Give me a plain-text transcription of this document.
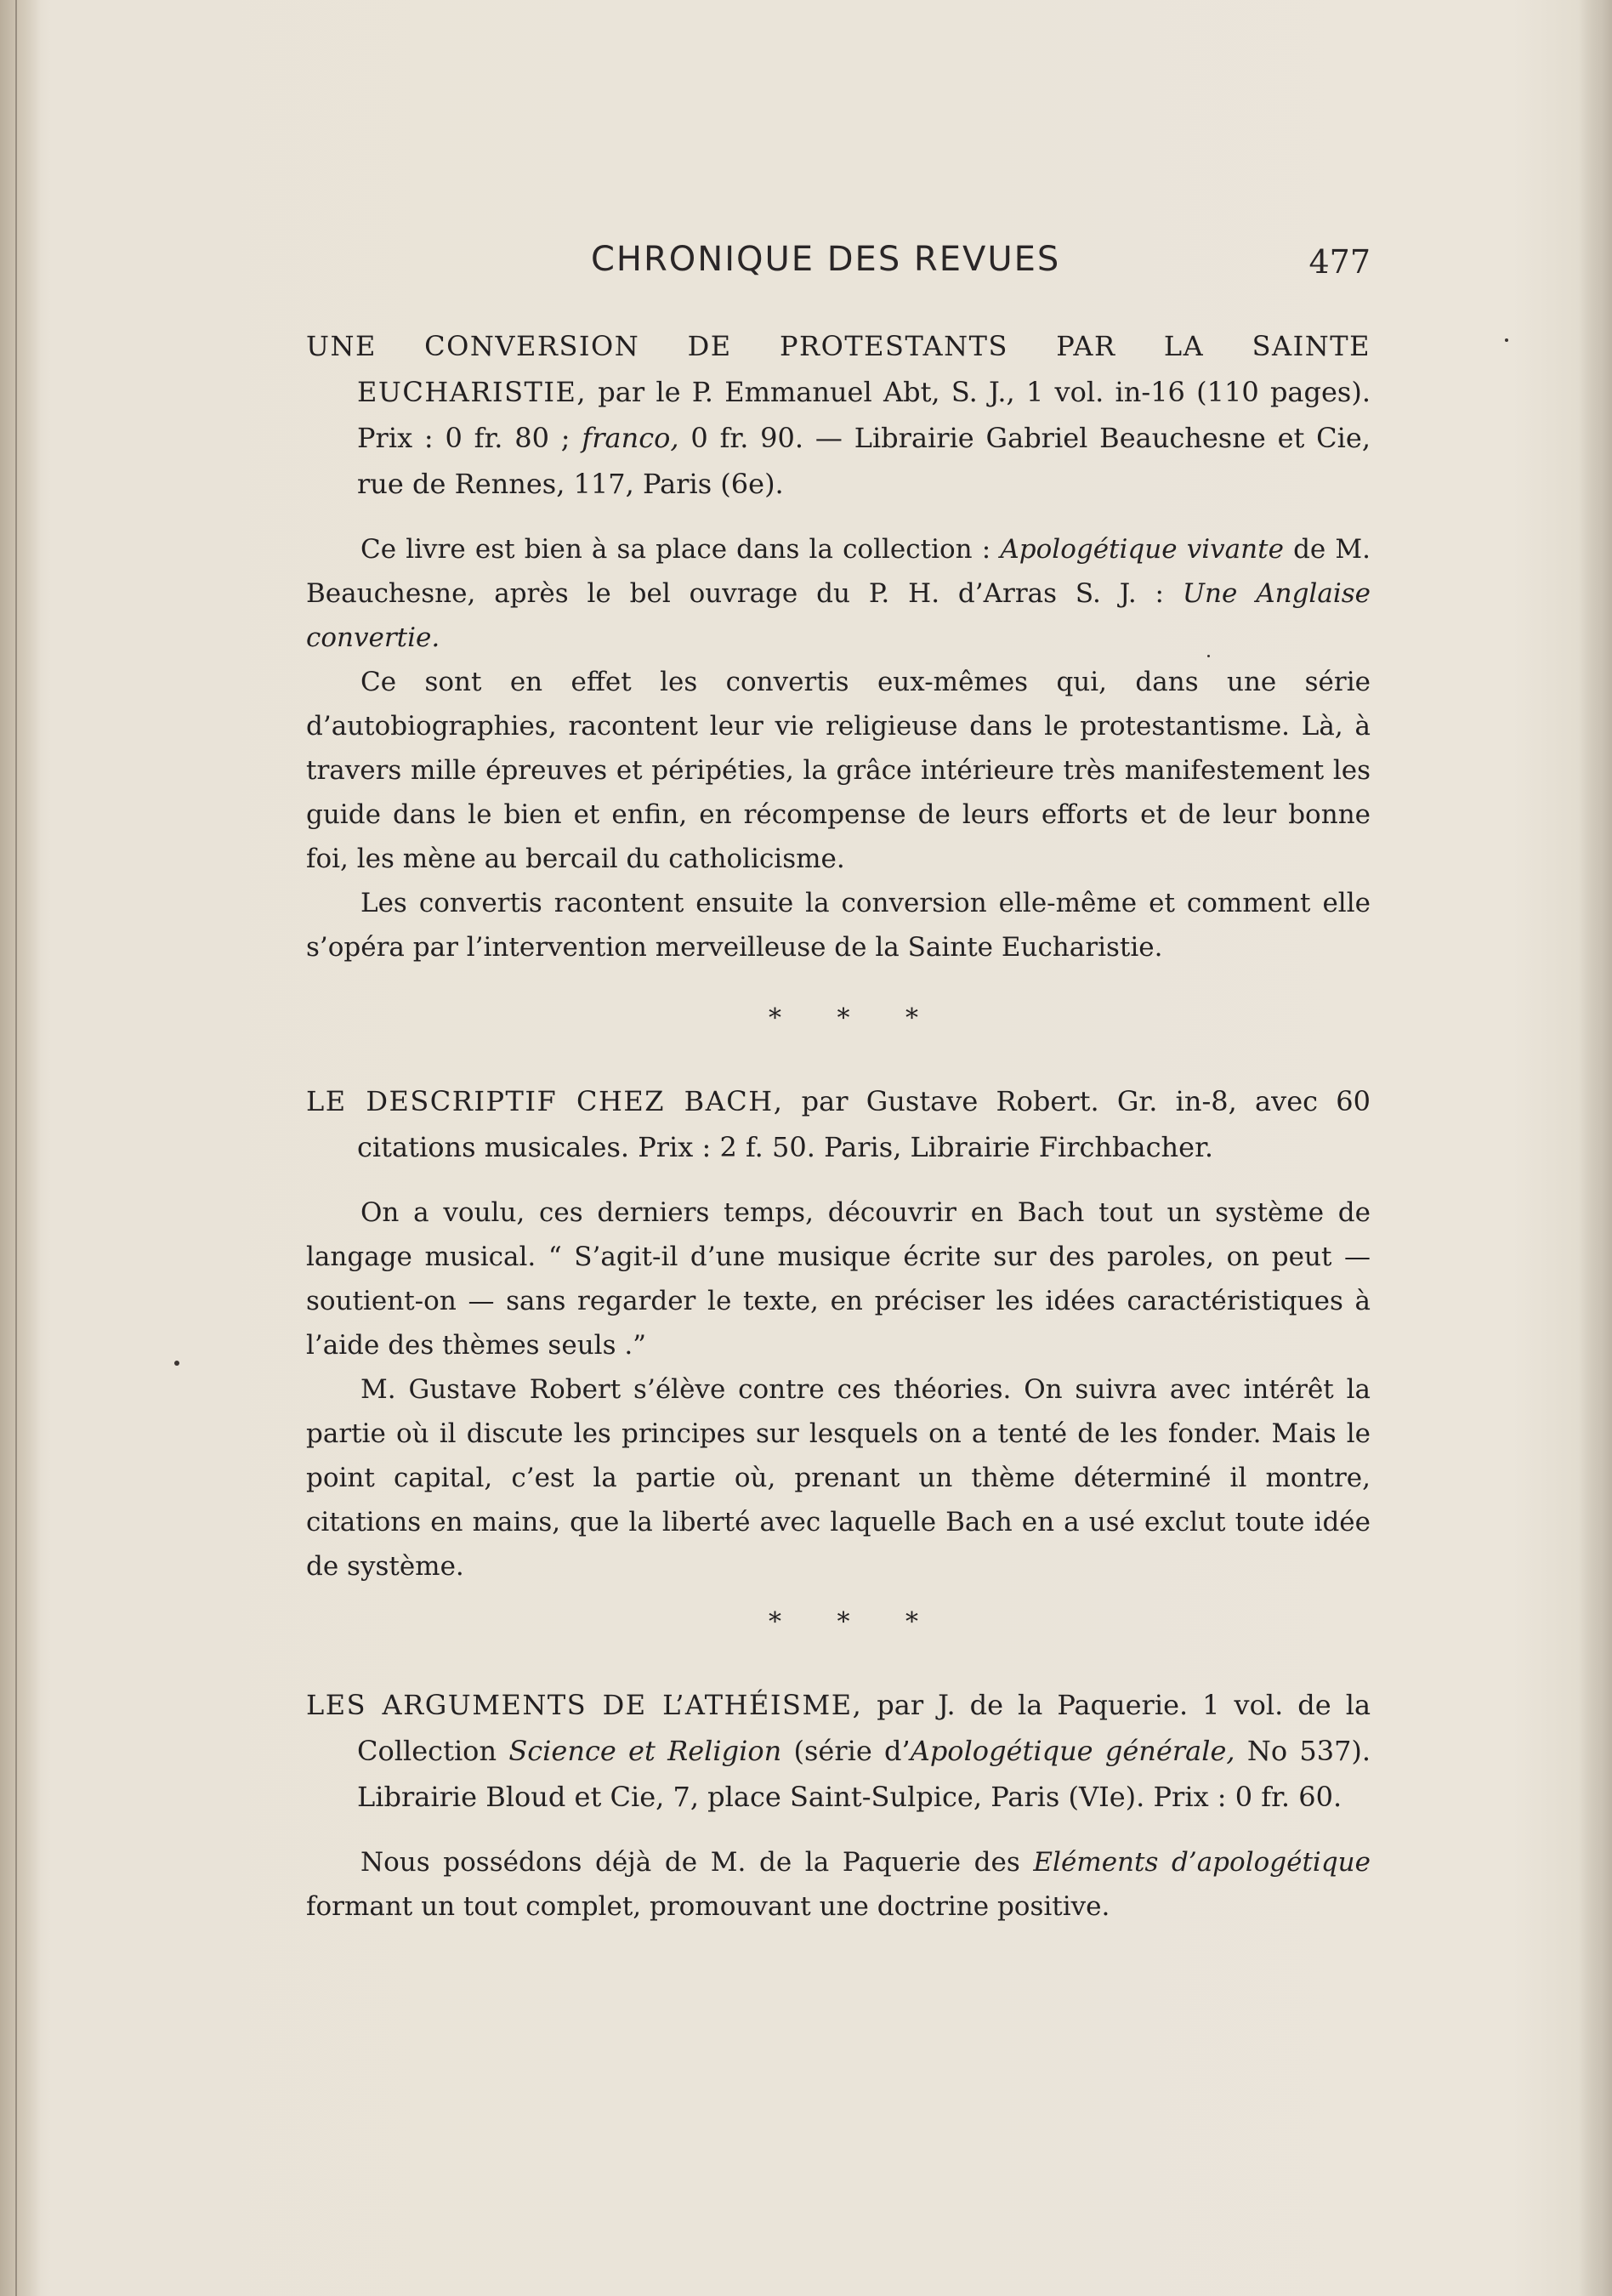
CHRONIQUE DES REVUES	477

UNE CONVERSION DE PROTESTANTS PAR LA SAINTE EUCHARISTIE, par le P. Emmanuel Abt, S. J., 1 vol. in-16 (110 pages). Prix : 0 fr. 80 ; franco, 0 fr. 90. — Librairie Gabriel Beauchesne et Cie, rue de Rennes, 117, Paris (6e).

Ce livre est bien à sa place dans la collection : Apologétique vivante de M. Beauchesne, après le bel ouvrage du P. H. d’Arras S. J. : Une Anglaise convertie.

Ce sont en effet les convertis eux-mêmes qui, dans une série d’autobiographies, racontent leur vie religieuse dans le protestantisme. Là, à travers mille épreuves et péripéties, la grâce intérieure très manifestement les guide dans le bien et enfin, en récompense de leurs efforts et de leur bonne foi, les mène au bercail du catholicisme.

Les convertis racontent ensuite la conversion elle-même et comment elle s’opéra par l’intervention merveilleuse de la Sainte Eucharistie.

* * *

LE DESCRIPTIF CHEZ BACH, par Gustave Robert. Gr. in-8, avec 60 citations musicales. Prix : 2 f. 50. Paris, Librairie Firchbacher.

On a voulu, ces derniers temps, découvrir en Bach tout un système de langage musical. “ S’agit-il d’une musique écrite sur des paroles, on peut — soutient-on — sans regarder le texte, en préciser les idées caractéristiques à l’aide des thèmes seuls .”

M. Gustave Robert s’élève contre ces théories. On suivra avec intérêt la partie où il discute les principes sur lesquels on a tenté de les fonder. Mais le point capital, c’est la partie où, prenant un thème déterminé il montre, citations en mains, que la liberté avec laquelle Bach en a usé exclut toute idée de système.

* * *

LES ARGUMENTS DE L’ATHÉISME, par J. de la Paquerie. 1 vol. de la Collection Science et Religion (série d’Apologétique générale, No 537). Librairie Bloud et Cie, 7, place Saint-Sulpice, Paris (VIe). Prix : 0 fr. 60.

Nous possédons déjà de M. de la Paquerie des Eléments d’apologétique formant un tout complet, promouvant une doctrine positive.
